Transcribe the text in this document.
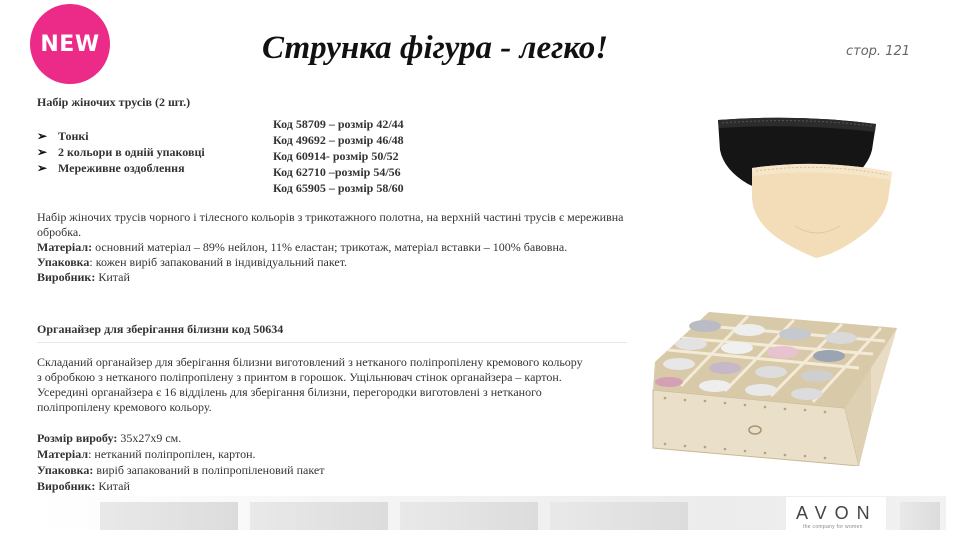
NEW	Струнка фігура - легко!	стор. 121
Набір жіночих трусів (2 шт.)
➢ Тонкі
➢ 2 кольори в одній упаковці
➢ Мереживне оздоблення
Код 58709 – розмір 42/44
Код 49692 – розмір 46/48
Код 60914- розмір 50/52
Код 62710 –розмір 54/56
Код 65905 – розмір 58/60

Набір жіночих трусів чорного і тілесного кольорів з трикотажного полотна, на верхній частині трусів є мереживна обробка.

Матеріал: основний матеріал – 89% нейлон, 11% еластан; трикотаж, матеріал вставки – 100% бавовна.

Упаковка: кожен виріб запакований в індивідуальний пакет.

Виробник: Китай

Органайзер для зберігання білизни код 50634

Складаний органайзер для зберігання білизни виготовлений з нетканого поліпропілену кремового кольору

з обробкою з нетканого поліпропілену з принтом в горошок. Ущільнювач стінок органайзера – картон.

Усередині органайзера є 16 відділень для зберігання білизни, перегородки виготовлені з нетканого

поліпропілену кремового кольору.

Розмір виробу: 35х27х9 см.

Матеріал: нетканий поліпропілен, картон.

Упаковка: виріб запакований в поліпропіленовий пакет

Виробник: Китай

AVON
the company for women
